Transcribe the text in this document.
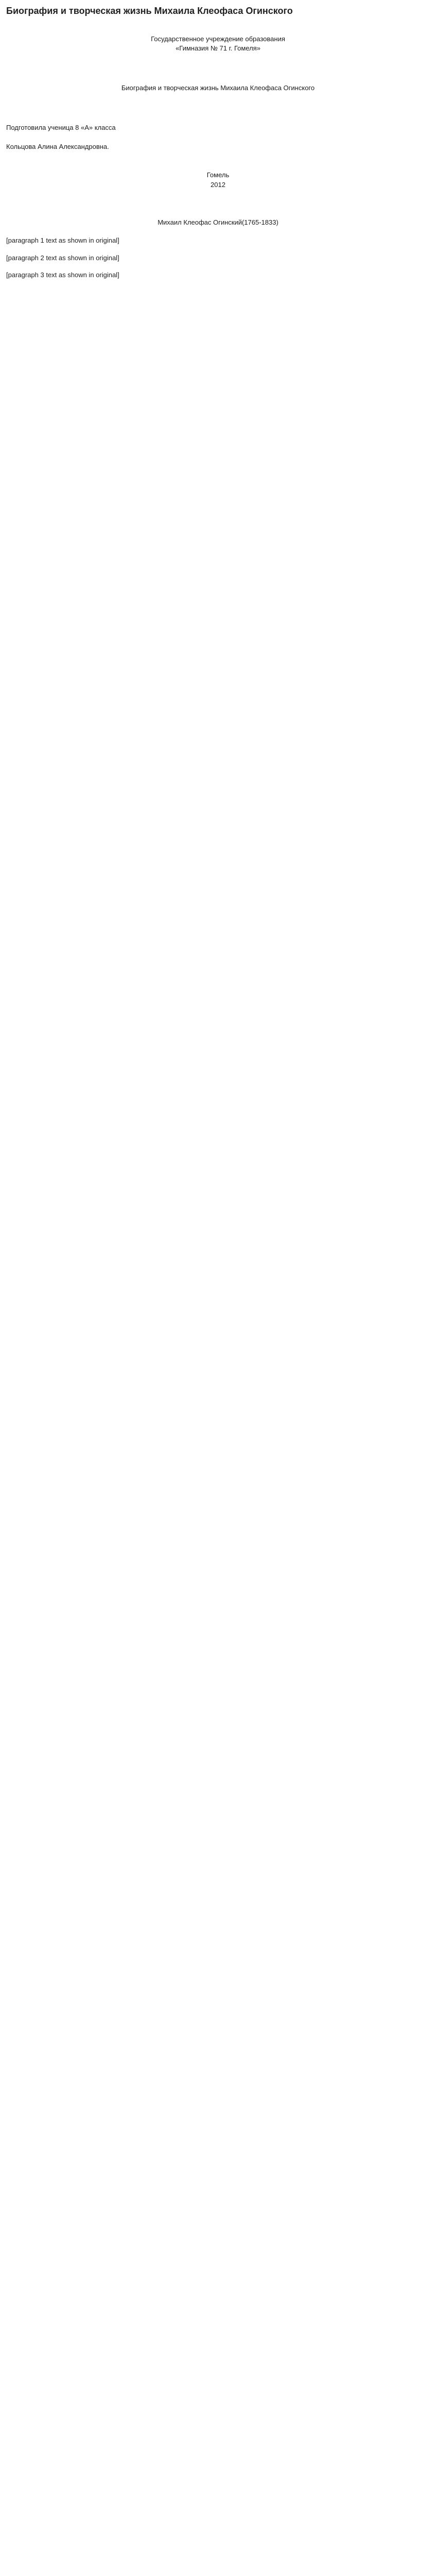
Биография и творческая жизнь Михаила Клеофаса Огинского
Государственное учреждение образования
«Гимназия № 71 г. Гомеля»
Биография и творческая жизнь Михаила Клеофаса Огинского

Подготовила ученица 8 «А» класса

Кольцова Алина Александровна.

Гомель
2012
Михаил Клеофас Огинский(1765-1833)

[paragraph 1 text as shown in original]

[paragraph 2 text as shown in original]

[paragraph 3 text as shown in original]
